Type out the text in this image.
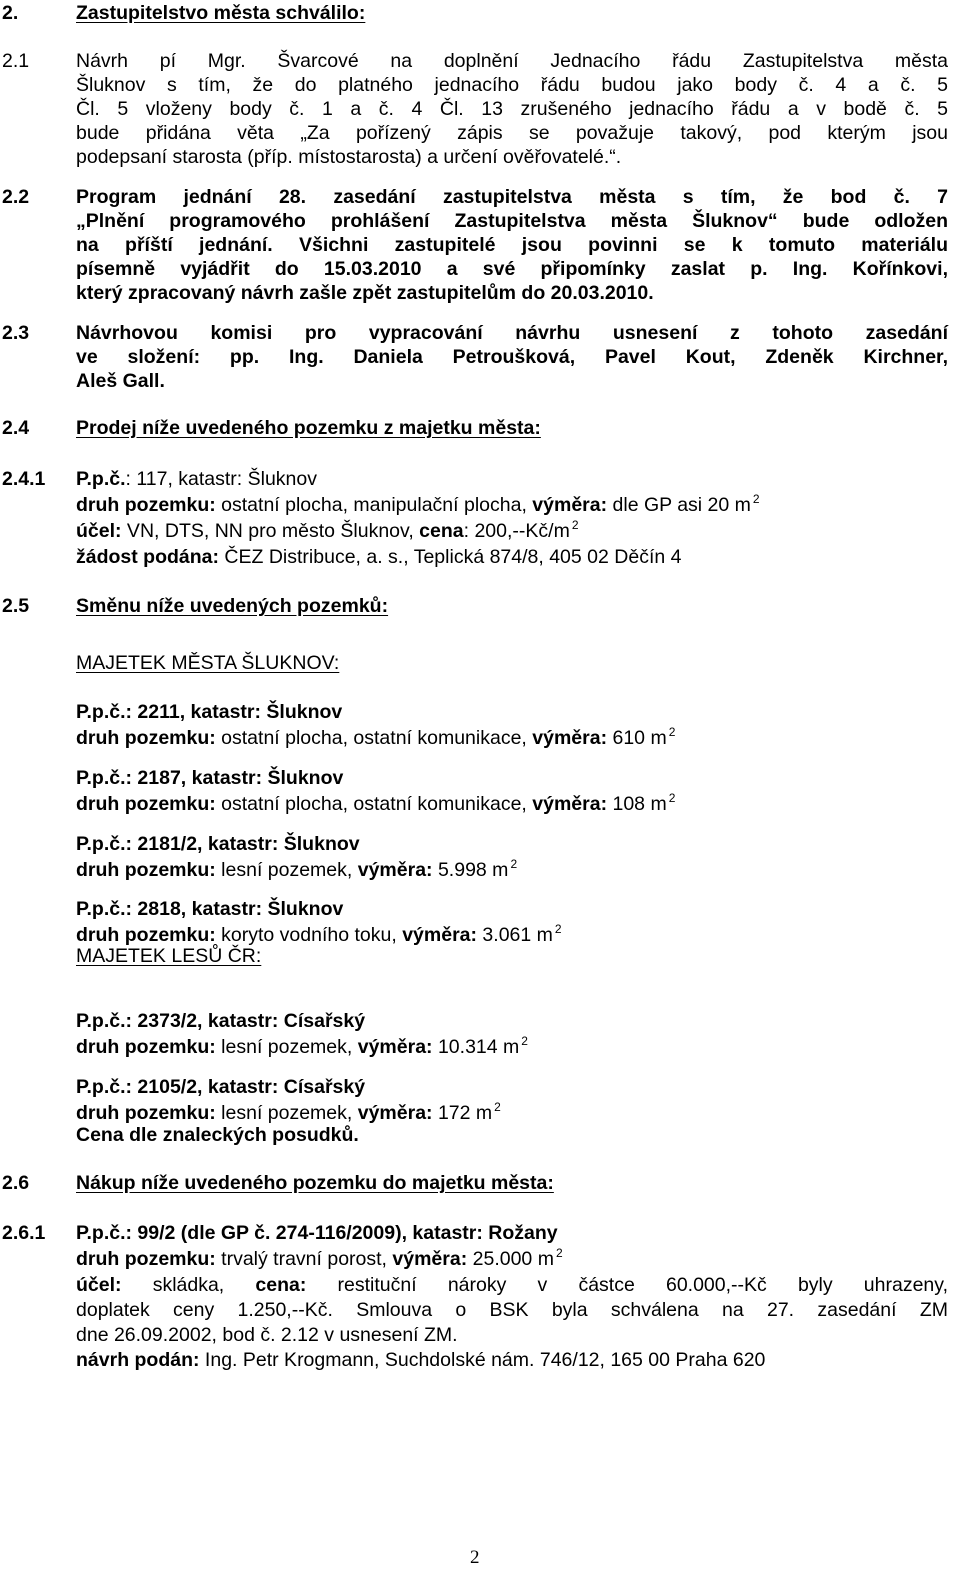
2.	Zastupitelstvo města schválilo:
2.1 Návrh pí Mgr. Švarcové na doplnění Jednacího řádu Zastupitelstva města
Šluknov s tím, že do platného jednacího řádu budou jako body č. 4 a č. 5
Čl. 5 vloženy body č. 1 a č. 4 Čl. 13 zrušeného jednacího řádu a v bodě č. 5
bude přidána věta „Za pořízený zápis se považuje takový, pod kterým jsou
podepsaní starosta (příp. místostarosta) a určení ověřovatelé.“.
2.2 Program jednání 28. zasedání zastupitelstva města s tím, že bod č. 7
„Plnění programového prohlášení Zastupitelstva města Šluknov“ bude odložen
na příští jednání. Všichni zastupitelé jsou povinni se k tomuto materiálu
písemně vyjádřit do 15.03.2010 a své připomínky zaslat p. Ing. Kořínkovi,
který zpracovaný návrh zašle zpět zastupitelům do 20.03.2010.
2.3 Návrhovou komisi pro vypracování návrhu usnesení z tohoto zasedání
ve složení: pp. Ing. Daniela Petroušková, Pavel Kout, Zdeněk Kirchner,
Aleš Gall.
2.4 Prodej níže uvedeného pozemku z majetku města:
2.4.1 P.p.č.: 117, katastr: Šluknov
druh pozemku: ostatní plocha, manipulační plocha, výměra: dle GP asi 20 m $^2$
účel: VN, DTS, NN pro město Šluknov, cena: 200,--Kč/m $^2$
žádost podána: ČEZ Distribuce, a. s., Teplická 874/8, 405 02 Děčín 4
2.5 Směnu níže uvedených pozemků:
MAJETEK MĚSTA ŠLUKNOV:
P.p.č.: 2211, katastr: Šluknov
druh pozemku: ostatní plocha, ostatní komunikace, výměra: 610 m $^2$
P.p.č.: 2187, katastr: Šluknov
druh pozemku: ostatní plocha, ostatní komunikace, výměra: 108 m $^2$
P.p.č.: 2181/2, katastr: Šluknov
druh pozemku: lesní pozemek, výměra: 5.998 m $^2$
P.p.č.: 2818, katastr: Šluknov
druh pozemku: koryto vodního toku, výměra: 3.061 m $^2$
P.p.č.: 2373/2, katastr: Císařský
druh pozemku: lesní pozemek, výměra: 10.314 m $^2$
P.p.č.: 2105/2, katastr: Císařský
druh pozemku: lesní pozemek, výměra: 172 m $^2$
MAJETEK LESŮ ČR:
Cena dle znaleckých posudků.
2.6 Nákup níže uvedeného pozemku do majetku města:
2.6.1 P.p.č.: 99/2 (dle GP č. 274-116/2009), katastr: Rožany
druh pozemku: trvalý travní porost, výměra: 25.000 m $^2$
účel: skládka, cena: restituční nároky v částce 60.000,--Kč byly uhrazeny,
doplatek ceny 1.250,--Kč. Smlouva o BSK byla schválena na 27. zasedání ZM
dne 26.09.2002, bod č. 2.12 v usnesení ZM.
návrh podán: Ing. Petr Krogmann, Suchdolské nám. 746/12, 165 00 Praha 620
2
